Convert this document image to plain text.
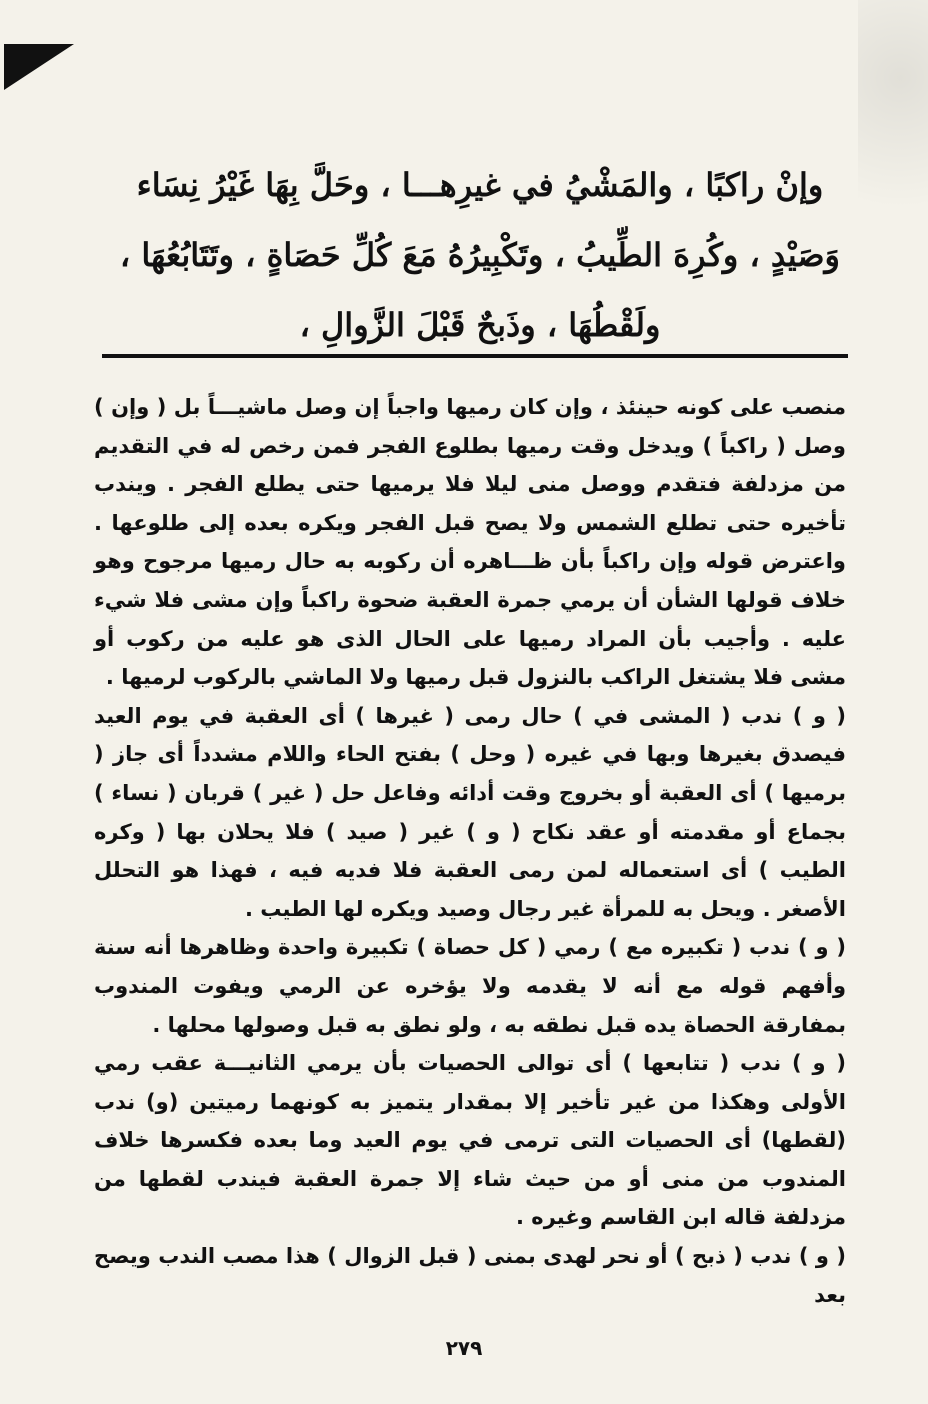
وإنْ راكبًا ، والمَشْيُ في غيرِهـــا ، وحَلَّ بِهَا غَيْرُ نِسَاء
وَصَيْدٍ ، وكُرِهَ الطِّيبُ ، وتَكْبِيرُهُ مَعَ كُلِّ حَصَاةٍ ، وتَتَابُعُهَا ،
ولَقْطُهَا ، وذَبحٌ قَبْلَ الزَّوالِ ،

منصب على كونه حينئذ ، وإن كان رميها واجباً إن وصل ماشيـــاً بل ( وإن ) وصل ( راكباً ) ويدخل وقت رميها بطلوع الفجر فمن رخص له في التقديم من مزدلفة فتقدم ووصل منى ليلا فلا يرميها حتى يطلع الفجر . ويندب تأخيره حتى تطلع الشمس ولا يصح قبل الفجر ويكره بعده إلى طلوعها . واعترض قوله وإن راكباً بأن ظـــاهره أن ركوبه به حال رميها مرجوح وهو خلاف قولها الشأن أن يرمي جمرة العقبة ضحوة راكباً وإن مشى فلا شيء عليه . وأجيب بأن المراد رميها على الحال الذى هو عليه من ركوب أو مشى فلا يشتغل الراكب بالنزول قبل رميها ولا الماشي بالركوب لرميها .

( و ) ندب ( المشى في ) حال رمى ( غيرها ) أى العقبة في يوم العيد فيصدق بغيرها وبها في غيره ( وحل ) بفتح الحاء واللام مشدداً أى جاز ( برميها ) أى العقبة أو بخروج وقت أدائه وفاعل حل ( غير ) قربان ( نساء ) بجماع أو مقدمته أو عقد نكاح ( و ) غير ( صيد ) فلا يحلان بها ( وكره الطيب ) أى استعماله لمن رمى العقبة فلا فديه فيه ، فهذا هو التحلل الأصغر . ويحل به للمرأة غير رجال وصيد ويكره لها الطيب .

( و ) ندب ( تكبيره مع ) رمي ( كل حصاة ) تكبيرة واحدة وظاهرها أنه سنة وأفهم قوله مع أنه لا يقدمه ولا يؤخره عن الرمي ويفوت المندوب بمفارقة الحصاة يده قبل نطقه به ، ولو نطق به قبل وصولها محلها .

( و ) ندب ( تتابعها ) أى توالى الحصيات بأن يرمي الثانيـــة عقب رمي الأولى وهكذا من غير تأخير إلا بمقدار يتميز به كونهما رميتين (و) ندب (لقطها) أى الحصيات التى ترمى في يوم العيد وما بعده فكسرها خلاف المندوب من منى أو من حيث شاء إلا جمرة العقبة فيندب لقطها من مزدلفة قاله ابن القاسم وغيره .

( و ) ندب ( ذبح ) أو نحر لهدى بمنى ( قبل الزوال ) هذا مصب الندب ويصح بعد

٢٧٩
